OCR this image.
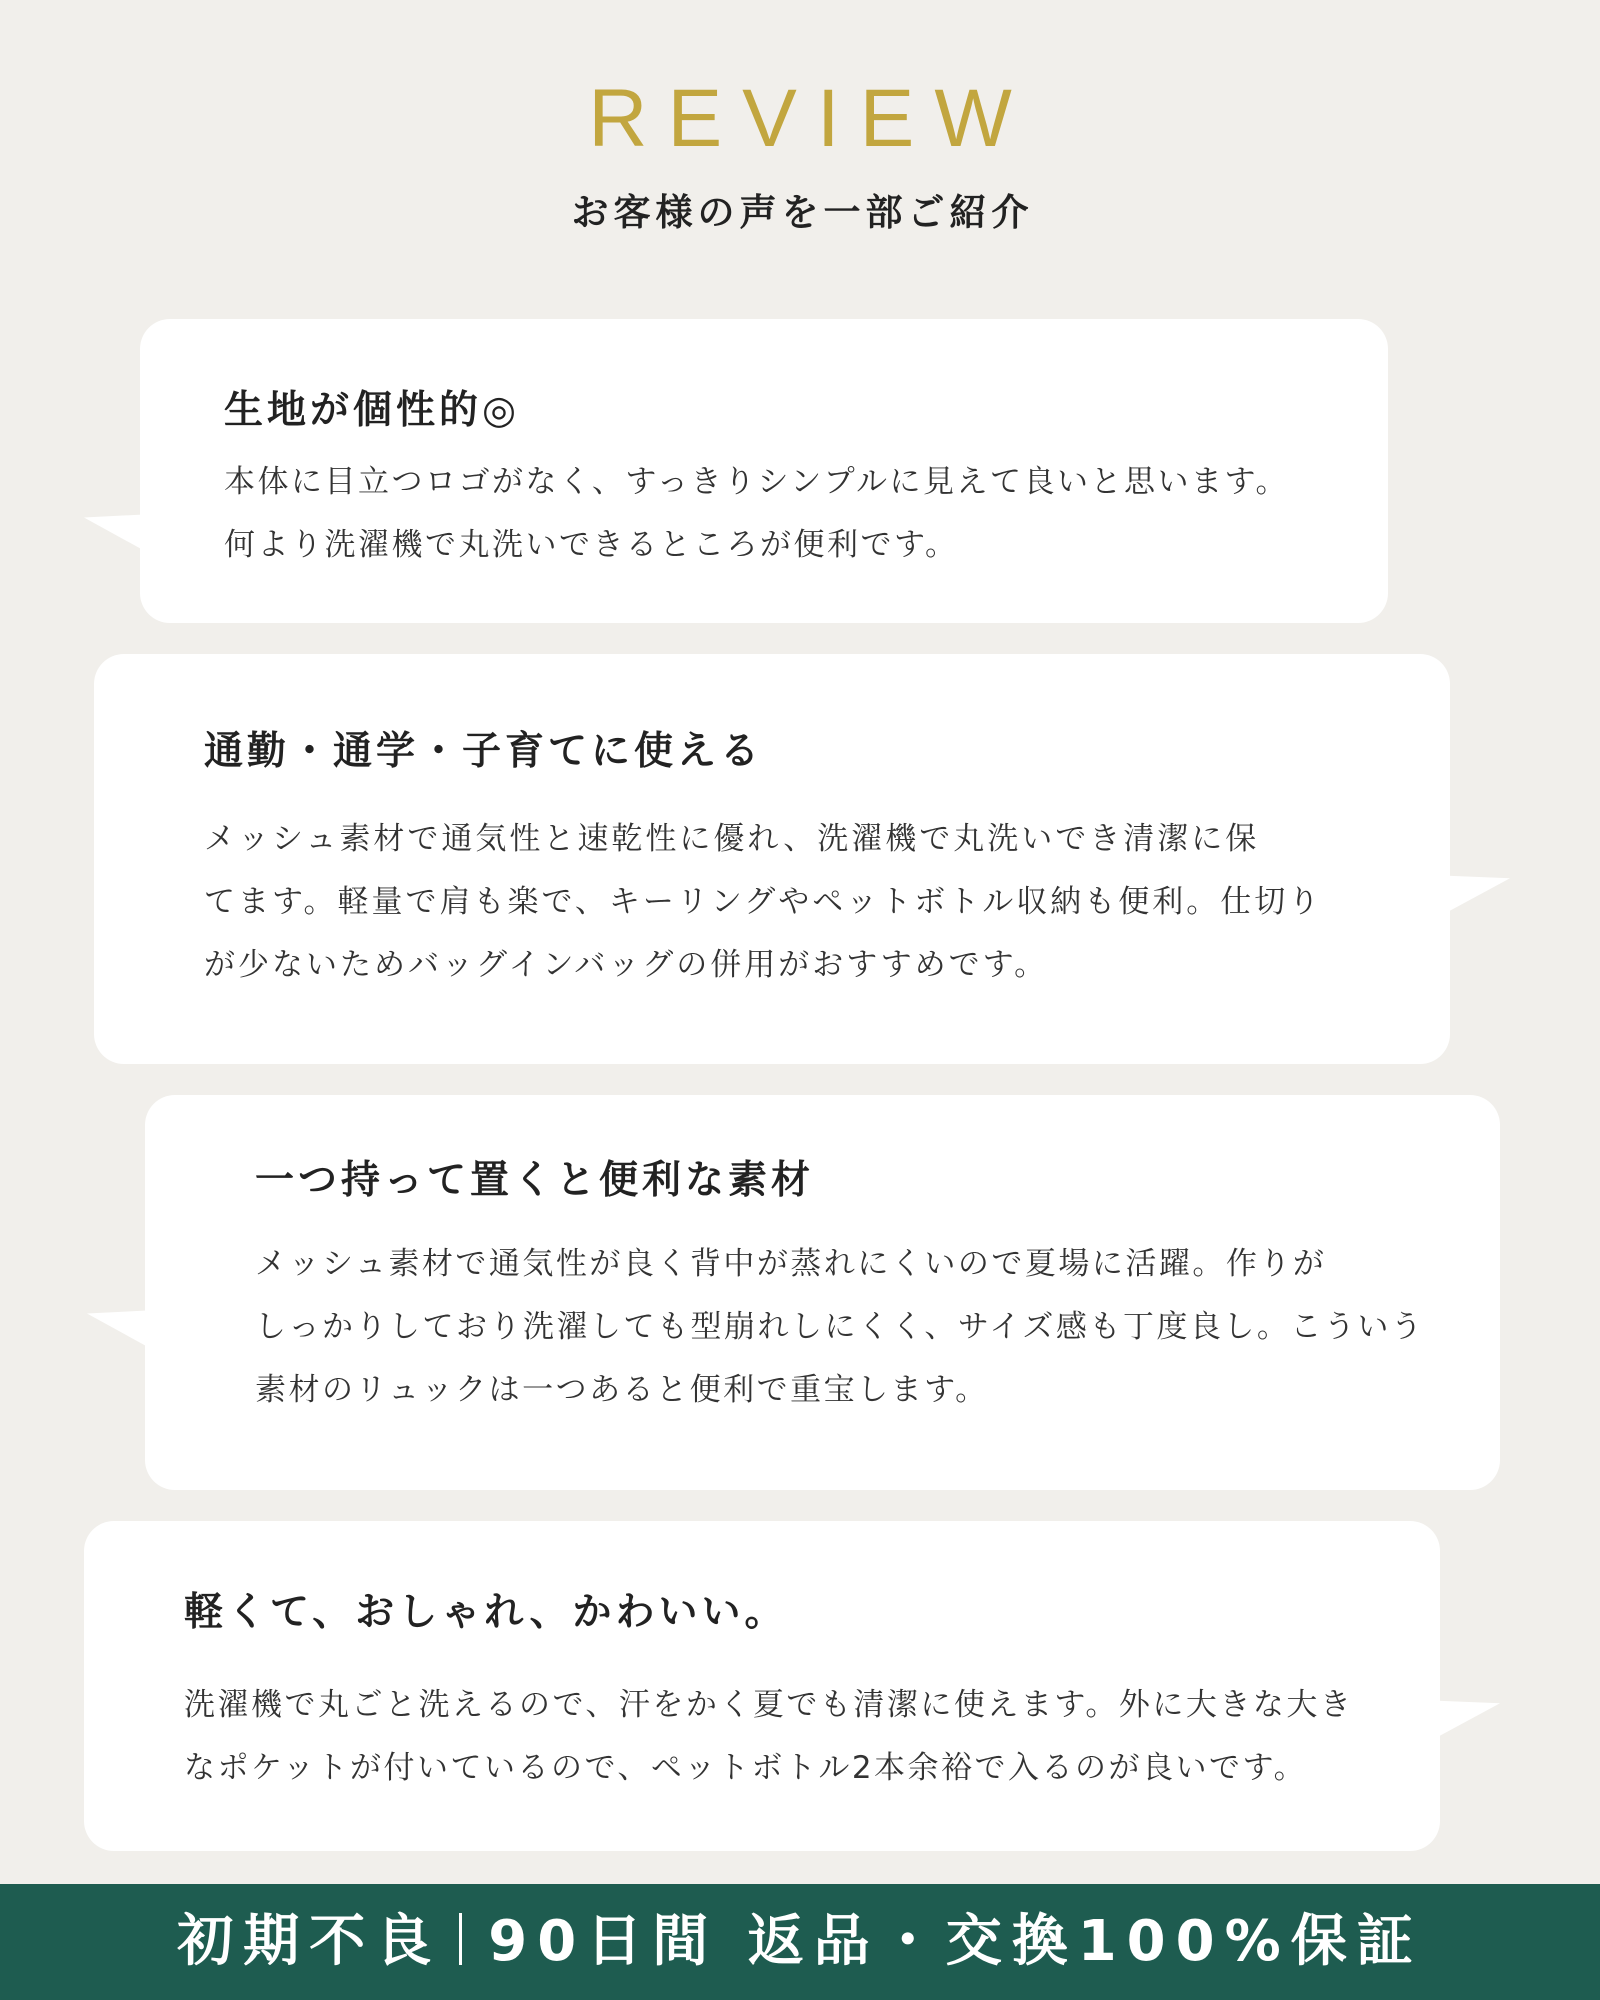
REVIEW
お客様の声を一部ご紹介
生地が個性的◎

本体に目立つロゴがなく、すっきりシンプルに見えて良いと思います。
何より洗濯機で丸洗いできるところが便利です。

通勤・通学・子育てに使える

メッシュ素材で通気性と速乾性に優れ、洗濯機で丸洗いでき清潔に保
てます。軽量で肩も楽で、キーリングやペットボトル収納も便利。仕切り
が少ないためバッグインバッグの併用がおすすめです。

一つ持って置くと便利な素材

メッシュ素材で通気性が良く背中が蒸れにくいので夏場に活躍。作りが
しっかりしており洗濯しても型崩れしにくく、サイズ感も丁度良し。こういう
素材のリュックは一つあると便利で重宝します。

軽くて、おしゃれ、かわいい。

洗濯機で丸ごと洗えるので、汗をかく夏でも清潔に使えます。外に大きな大き
なポケットが付いているので、ペットボトル2本余裕で入るのが良いです。

初期不良 90日間 返品・交換100%保証
